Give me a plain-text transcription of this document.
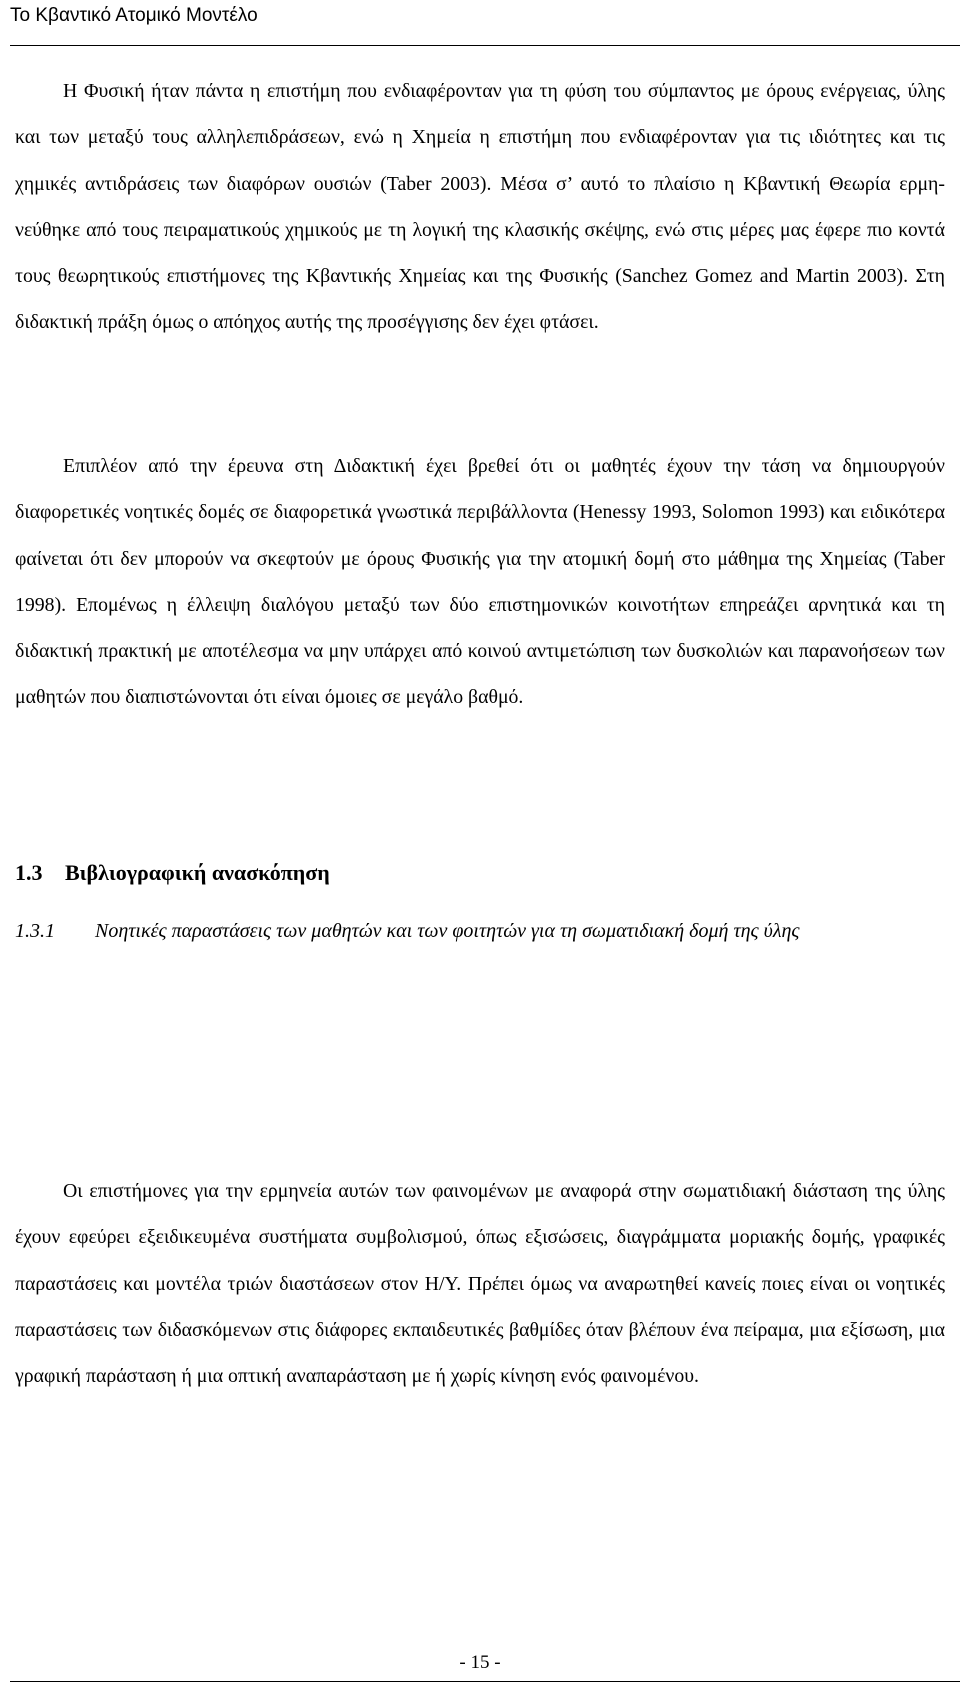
Το Κβαντικό Ατομικό Μοντέλο

Η Φυσική ήταν πάντα η επιστήμη που ενδιαφέρονταν για τη φύση του σύμπαντος με όρους ενέργειας, ύλης και των μεταξύ τους αλληλεπιδράσεων, ενώ η Χημεία η επιστήμη που ενδιαφέρονταν για τις ιδιότητες και τις χημικές αντιδράσεις των διαφόρων ουσιών (Taber 2003). Μέσα σ’ αυτό το πλαίσιο η Κβαντική Θεωρία ερμηνεύθηκε από τους πειραματικούς χημικούς με τη λογική της κλασικής σκέψης, ενώ στις μέρες μας έφερε πιο κοντά τους θεωρητικούς επιστήμονες της Κβαντικής Χημείας και της Φυσικής (Sanchez Gomez and Martin 2003). Στη διδακτική πράξη όμως ο απόηχος αυτής της προσέγγισης δεν έχει φτάσει.

Επιπλέον από την έρευνα στη Διδακτική έχει βρεθεί ότι οι μαθητές έχουν την τάση να δημιουργούν διαφορετικές νοητικές δομές σε διαφορετικά γνωστικά περιβάλλοντα (Henessy 1993, Solomon 1993) και ειδικότερα φαίνεται ότι δεν μπορούν να σκεφτούν με όρους Φυσικής για την ατομική δομή στο μάθημα της Χημείας (Taber 1998). Επομένως η έλλειψη διαλόγου μεταξύ των δύο επιστημονικών κοινοτήτων επηρεάζει αρνητικά και τη διδακτική πρακτική με αποτέλεσμα να μην υπάρχει από κοινού αντιμετώπιση των δυσκολιών και παρανοήσεων των μαθητών που διαπιστώνονται ότι είναι όμοιες σε μεγάλο βαθμό.

1.3 Βιβλιογραφική ανασκόπηση
1.3.1 Νοητικές παραστάσεις των μαθητών και των φοιτητών για τη σωματιδιακή δομή της ύλης

Οι επιστήμονες για την ερμηνεία αυτών των φαινομένων με αναφορά στην σωματιδιακή διάσταση της ύλης έχουν εφεύρει εξειδικευμένα συστήματα συμβολισμού, όπως εξισώσεις, διαγράμματα μοριακής δομής, γραφικές παραστάσεις και μοντέλα τριών διαστάσεων στον Η/Υ. Πρέπει όμως να αναρωτηθεί κανείς ποιες είναι οι νοητικές παραστάσεις των διδασκόμενων στις διάφορες εκπαιδευτικές βαθμίδες όταν βλέπουν ένα πείραμα, μια εξίσωση, μια γραφική παράσταση ή μια οπτική αναπαράσταση με ή χωρίς κίνηση ενός φαινομένου.

- 15 -
